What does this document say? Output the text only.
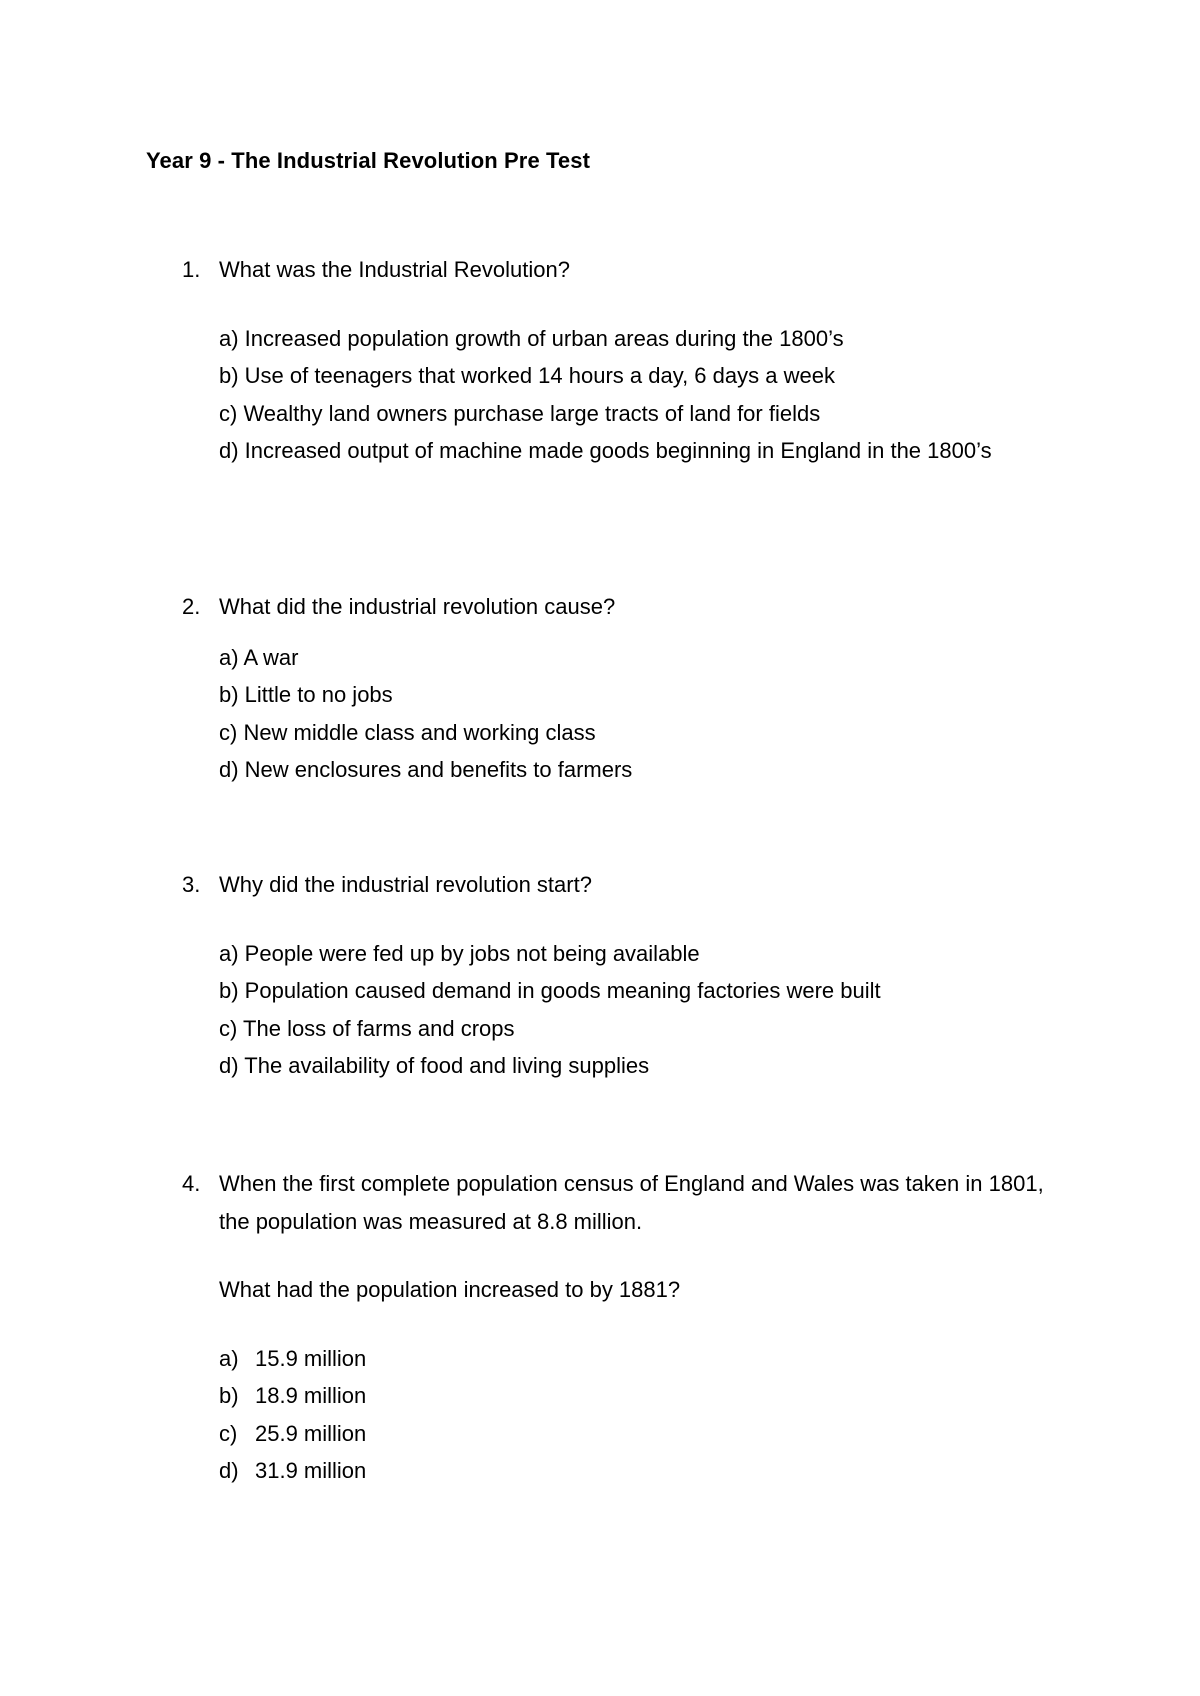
Year 9 - The Industrial Revolution Pre Test
1. What was the Industrial Revolution?
a) Increased population growth of urban areas during the 1800’s
b) Use of teenagers that worked 14 hours a day, 6 days a week
c) Wealthy land owners purchase large tracts of land for fields
d) Increased output of machine made goods beginning in England in the 1800’s
2. What did the industrial revolution cause?
a) A war
b) Little to no jobs
c) New middle class and working class
d) New enclosures and benefits to farmers
3. Why did the industrial revolution start?
a) People were fed up by jobs not being available
b) Population caused demand in goods meaning factories were built
c) The loss of farms and crops
d) The availability of food and living supplies
4. When the first complete population census of England and Wales was taken in 1801, the population was measured at 8.8 million.
What had the population increased to by 1881?
a) 15.9 million
b) 18.9 million
c) 25.9 million
d) 31.9 million
